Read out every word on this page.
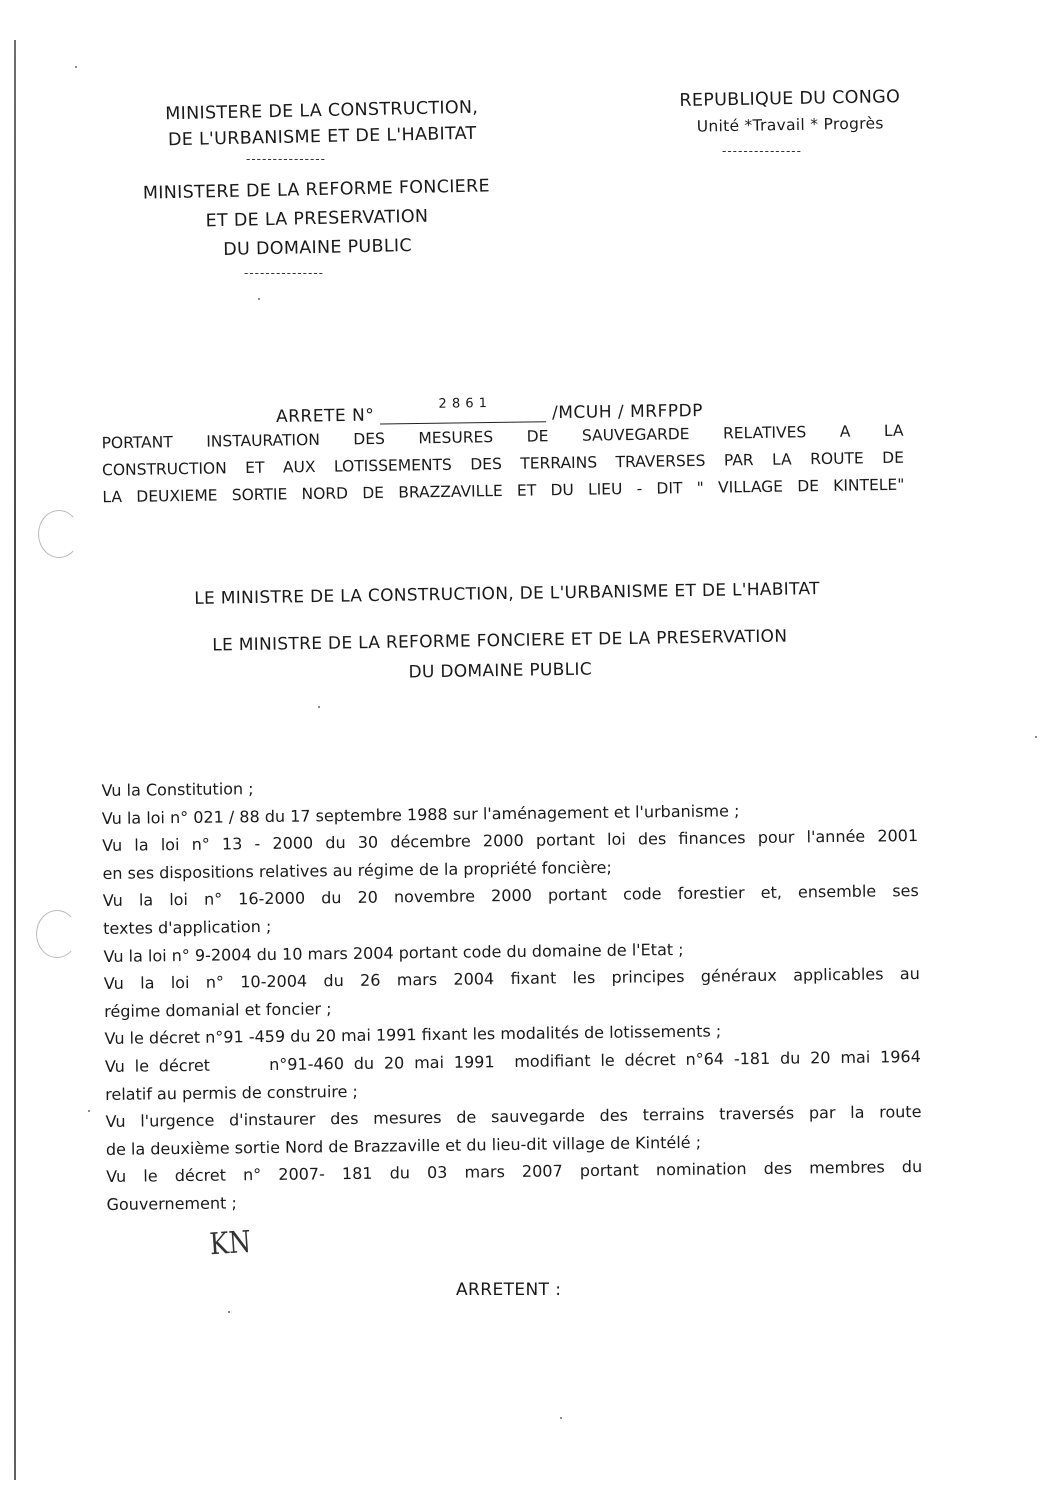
MINISTERE DE LA CONSTRUCTION,
DE L'URBANISME ET DE L'HABITAT
---------------
MINISTERE DE LA REFORME FONCIERE
ET DE LA PRESERVATION
DU DOMAINE PUBLIC
---------------
REPUBLIQUE DU CONGO
Unité *Travail * Progrès
---------------
ARRETE N° $^{2 8 6 1}$	/MCUH / MRFPDP
PORTANT INSTAURATION DES MESURES DE SAUVEGARDE RELATIVES A LA
CONSTRUCTION ET AUX LOTISSEMENTS DES TERRAINS TRAVERSES PAR LA ROUTE DE
LA DEUXIEME SORTIE NORD DE BRAZZAVILLE ET DU LIEU - DIT " VILLAGE DE KINTELE"
LE MINISTRE DE LA CONSTRUCTION, DE L'URBANISME ET DE L'HABITAT
LE MINISTRE DE LA REFORME FONCIERE ET DE LA PRESERVATION
DU DOMAINE PUBLIC
Vu la Constitution ;
Vu la loi n° 021 / 88 du 17 septembre 1988 sur l'aménagement et l'urbanisme ;
Vu la loi n° 13 - 2000 du 30 décembre 2000 portant loi des finances pour l'année 2001
en ses dispositions relatives au régime de la propriété foncière;
Vu la loi n° 16-2000 du 20 novembre 2000 portant code forestier et, ensemble ses
textes d'application ;
Vu la loi n° 9-2004 du 10 mars 2004 portant code du domaine de l'Etat ;
Vu la loi n° 10-2004 du 26 mars 2004 fixant les principes généraux applicables au
régime domanial et foncier ;
Vu le décret n°91 -459 du 20 mai 1991 fixant les modalités de lotissements ;
Vu le décret      n°91-460 du 20 mai 1991  modifiant le décret n°64 -181 du 20 mai 1964
relatif au permis de construire ;
Vu l'urgence d'instaurer des mesures de sauvegarde des terrains traversés par la route
de la deuxième sortie Nord de Brazzaville et du lieu-dit village de Kintélé ;
Vu le décret n° 2007- 181 du 03 mars 2007 portant nomination des membres du
Gouvernement ;
KN
ARRETENT :
